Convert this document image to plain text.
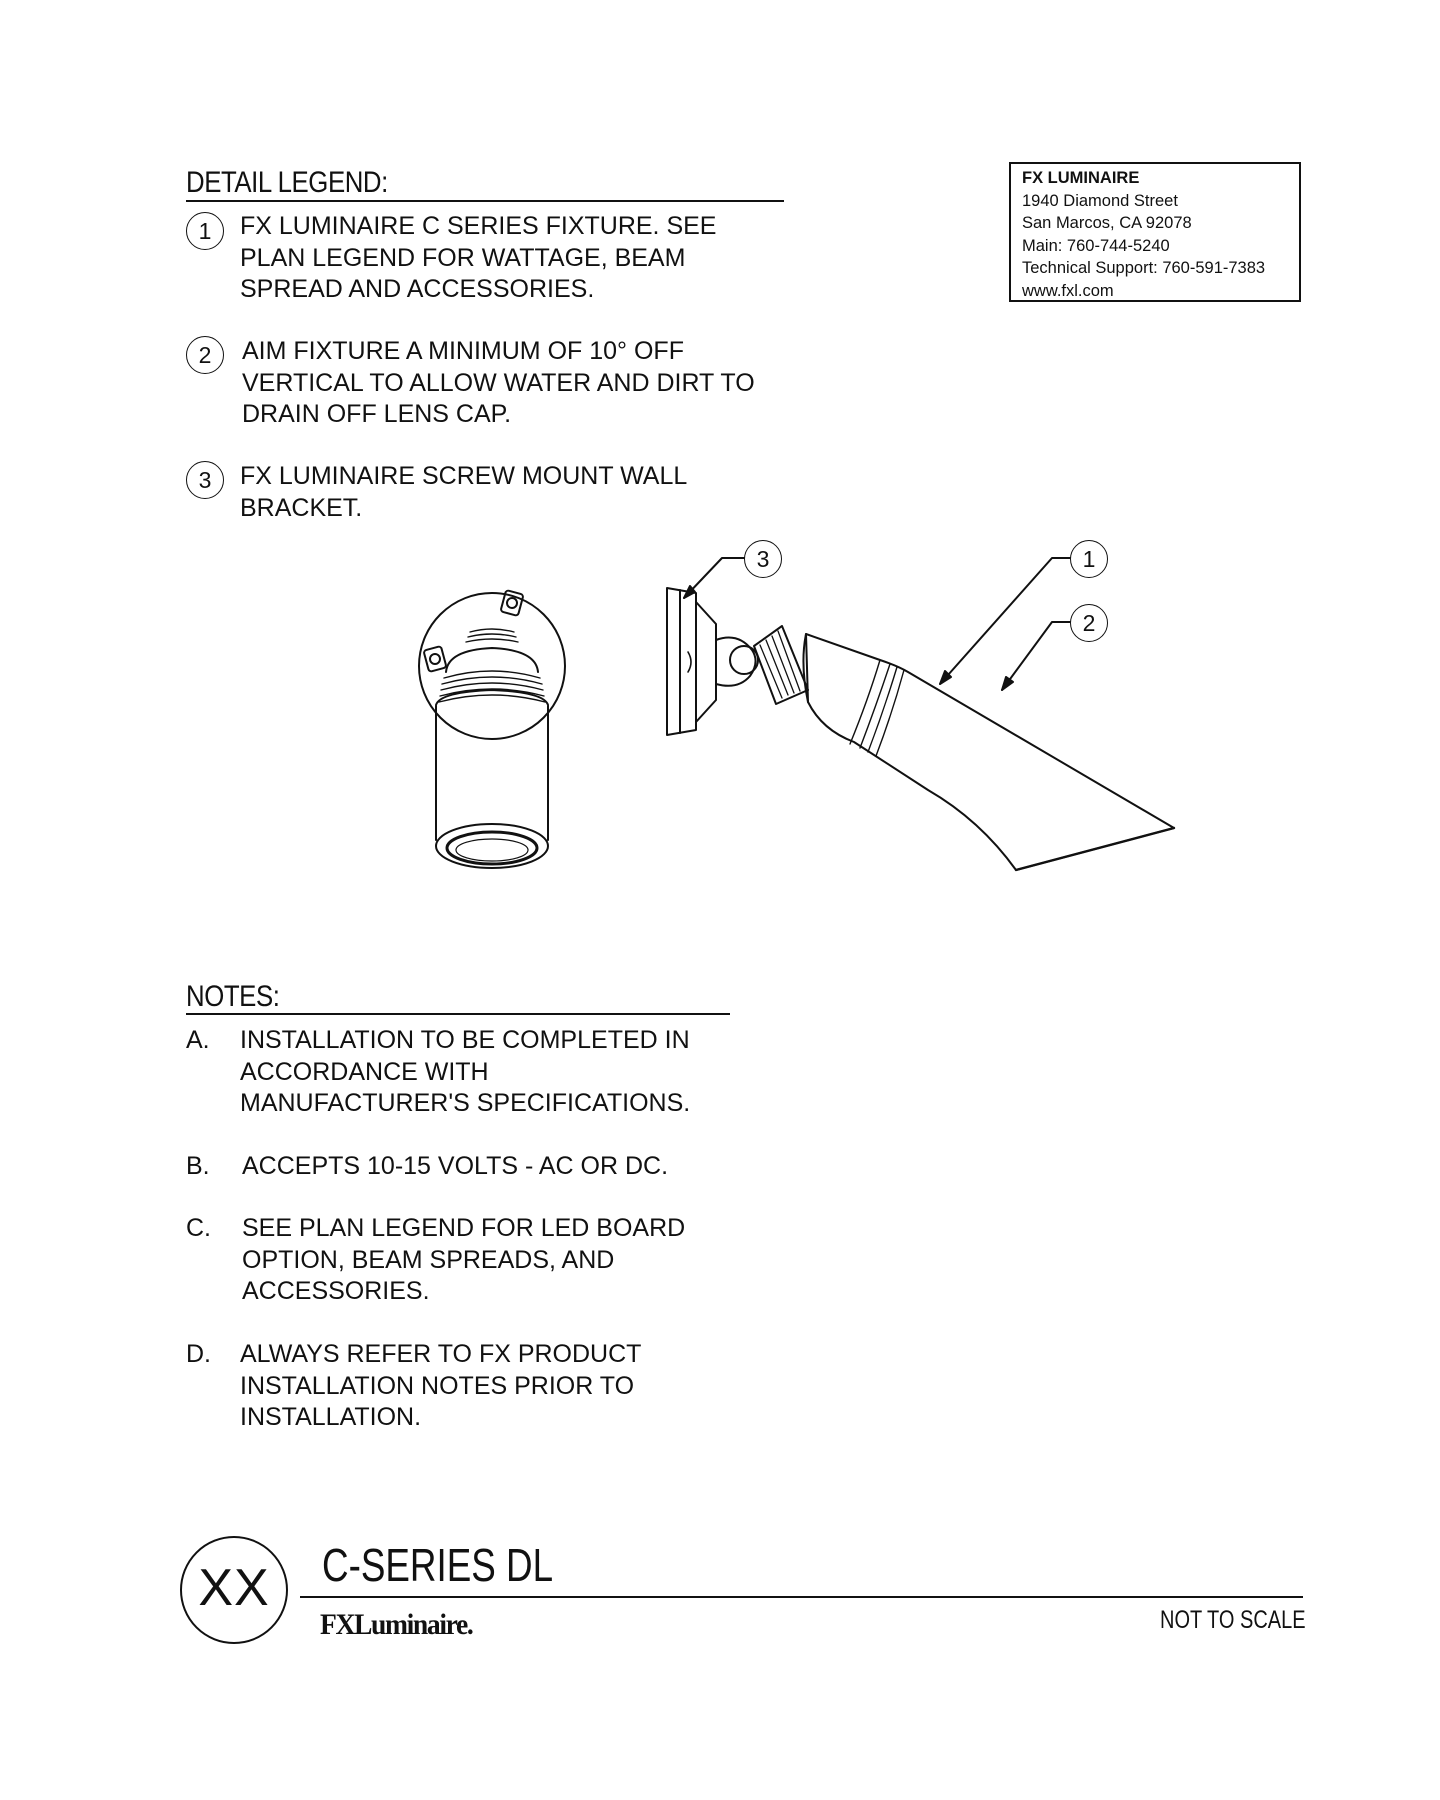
DETAIL LEGEND:
1	FX LUMINAIRE C SERIES FIXTURE. SEE
PLAN LEGEND FOR WATTAGE, BEAM
SPREAD AND ACCESSORIES.
2	AIM FIXTURE A MINIMUM OF 10° OFF
VERTICAL TO ALLOW WATER AND DIRT TO
DRAIN OFF LENS CAP.
3	FX LUMINAIRE SCREW MOUNT WALL
BRACKET.
FX LUMINAIRE
1940 Diamond Street
San Marcos, CA 92078
Main: 760-744-5240
Technical Support: 760-591-7383
www.fxl.com
3	1
2
NOTES:
A. INSTALLATION TO BE COMPLETED IN
ACCORDANCE WITH
MANUFACTURER'S SPECIFICATIONS.
B. ACCEPTS 10-15 VOLTS - AC OR DC.
C. SEE PLAN LEGEND FOR LED BOARD
OPTION, BEAM SPREADS, AND
ACCESSORIES.
D. ALWAYS REFER TO FX PRODUCT
INSTALLATION NOTES PRIOR TO
INSTALLATION.
XX	C-SERIES DL
FXLuminaire.	NOT TO SCALE
